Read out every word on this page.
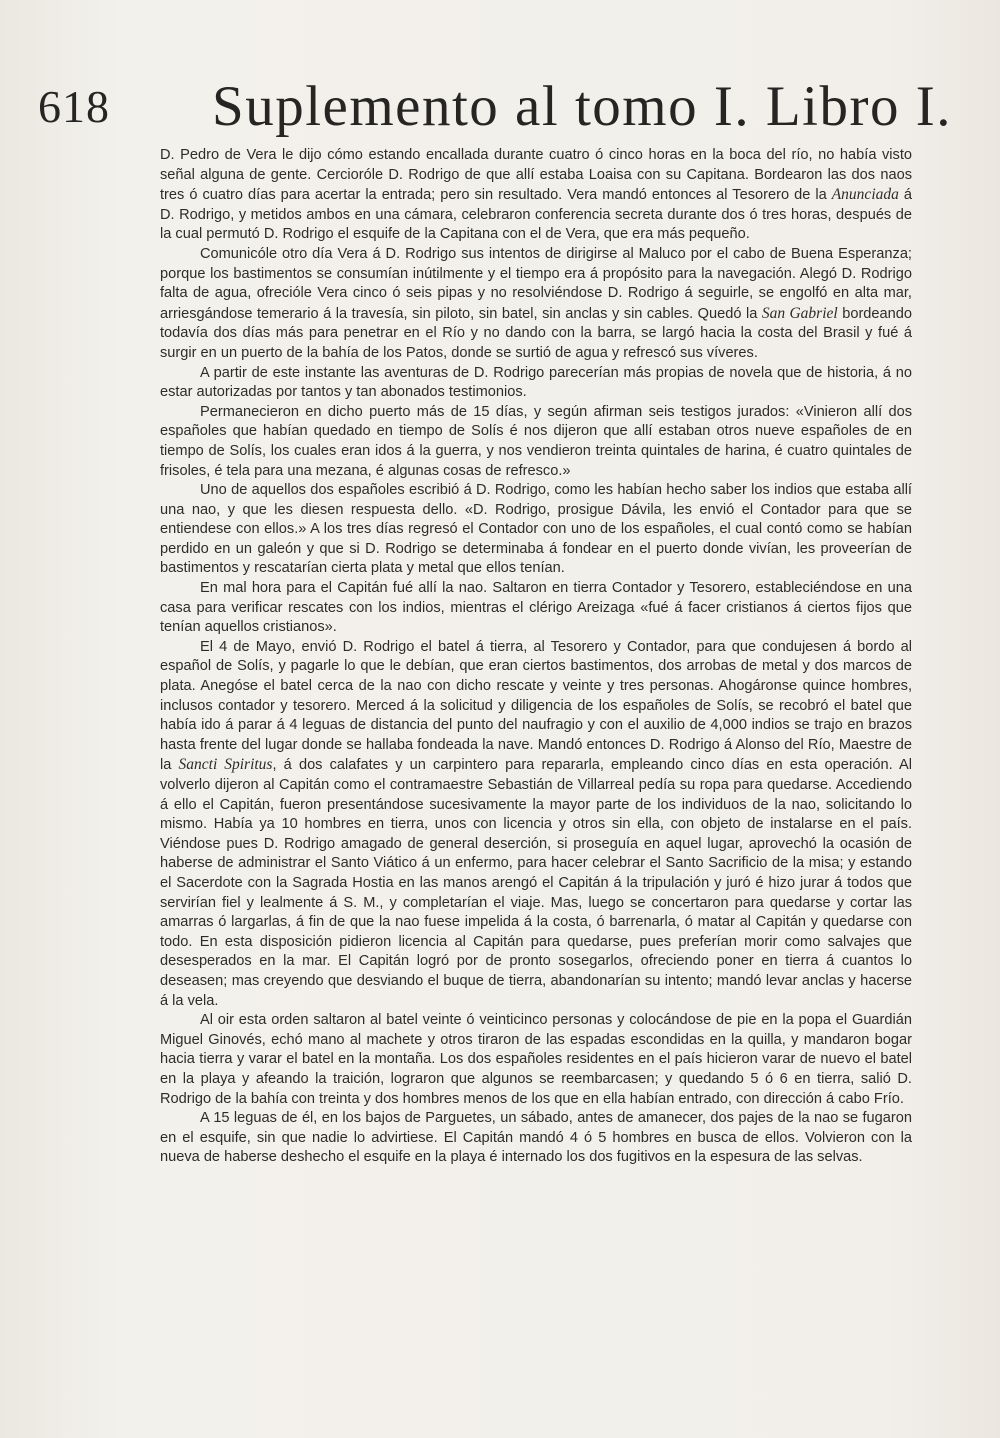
618 Suplemento al tomo I. Libro I.

D. Pedro de Vera le dijo cómo estando encallada durante cuatro ó cinco horas en la boca del río, no había visto señal alguna de gente. Cercioróle D. Rodrigo de que allí estaba Loaisa con su Capitana. Bordearon las dos naos tres ó cuatro días para acertar la entrada; pero sin resultado. Vera mandó entonces al Tesorero de la Anunciada á D. Rodrigo, y metidos ambos en una cámara, celebraron conferencia secreta durante dos ó tres horas, después de la cual permutó D. Rodrigo el esquife de la Capitana con el de Vera, que era más pequeño.

Comunicóle otro día Vera á D. Rodrigo sus intentos de dirigirse al Maluco por el cabo de Buena Esperanza; porque los bastimentos se consumían inútilmente y el tiempo era á propósito para la navegación. Alegó D. Rodrigo falta de agua, ofrecióle Vera cinco ó seis pipas y no resolviéndose D. Rodrigo á seguirle, se engolfó en alta mar, arriesgándose temerario á la travesía, sin piloto, sin batel, sin anclas y sin cables. Quedó la San Gabriel bordeando todavía dos días más para penetrar en el Río y no dando con la barra, se largó hacia la costa del Brasil y fué á surgir en un puerto de la bahía de los Patos, donde se surtió de agua y refrescó sus víveres.

A partir de este instante las aventuras de D. Rodrigo parecerían más propias de novela que de historia, á no estar autorizadas por tantos y tan abonados testimonios.

Permanecieron en dicho puerto más de 15 días, y según afirman seis testigos jurados: «Vinieron allí dos españoles que habían quedado en tiempo de Solís é nos dijeron que allí estaban otros nueve españoles de en tiempo de Solís, los cuales eran idos á la guerra, y nos vendieron treinta quintales de harina, é cuatro quintales de frisoles, é tela para una mezana, é algunas cosas de refresco.»

Uno de aquellos dos españoles escribió á D. Rodrigo, como les habían hecho saber los indios que estaba allí una nao, y que les diesen respuesta dello. «D. Rodrigo, prosigue Dávila, les envió el Contador para que se entiendese con ellos.» A los tres días regresó el Contador con uno de los españoles, el cual contó como se habían perdido en un galeón y que si D. Rodrigo se determinaba á fondear en el puerto donde vivían, les proveerían de bastimentos y rescatarían cierta plata y metal que ellos tenían.

En mal hora para el Capitán fué allí la nao. Saltaron en tierra Contador y Tesorero, estableciéndose en una casa para verificar rescates con los indios, mientras el clérigo Areizaga «fué á facer cristianos á ciertos fijos que tenían aquellos cristianos».

El 4 de Mayo, envió D. Rodrigo el batel á tierra, al Tesorero y Contador, para que condujesen á bordo al español de Solís, y pagarle lo que le debían, que eran ciertos bastimentos, dos arrobas de metal y dos marcos de plata. Anegóse el batel cerca de la nao con dicho rescate y veinte y tres personas. Ahogáronse quince hombres, inclusos contador y tesorero. Merced á la solicitud y diligencia de los españoles de Solís, se recobró el batel que había ido á parar á 4 leguas de distancia del punto del naufragio y con el auxilio de 4,000 indios se trajo en brazos hasta frente del lugar donde se hallaba fondeada la nave. Mandó entonces D. Rodrigo á Alonso del Río, Maestre de la Sancti Spiritus, á dos calafates y un carpintero para repararla, empleando cinco días en esta operación. Al volverlo dijeron al Capitán como el contramaestre Sebastián de Villarreal pedía su ropa para quedarse. Accediendo á ello el Capitán, fueron presentándose sucesivamente la mayor parte de los individuos de la nao, solicitando lo mismo. Había ya 10 hombres en tierra, unos con licencia y otros sin ella, con objeto de instalarse en el país. Viéndose pues D. Rodrigo amagado de general deserción, si proseguía en aquel lugar, aprovechó la ocasión de haberse de administrar el Santo Viático á un enfermo, para hacer celebrar el Santo Sacrificio de la misa; y estando el Sacerdote con la Sagrada Hostia en las manos arengó el Capitán á la tripulación y juró é hizo jurar á todos que servirían fiel y lealmente á S. M., y completarían el viaje. Mas, luego se concertaron para quedarse y cortar las amarras ó largarlas, á fin de que la nao fuese impelida á la costa, ó barrenarla, ó matar al Capitán y quedarse con todo. En esta disposición pidieron licencia al Capitán para quedarse, pues preferían morir como salvajes que desesperados en la mar. El Capitán logró por de pronto sosegarlos, ofreciendo poner en tierra á cuantos lo deseasen; mas creyendo que desviando el buque de tierra, abandonarían su intento; mandó levar anclas y hacerse á la vela.

Al oir esta orden saltaron al batel veinte ó veinticinco personas y colocándose de pie en la popa el Guardián Miguel Ginovés, echó mano al machete y otros tiraron de las espadas escondidas en la quilla, y mandaron bogar hacia tierra y varar el batel en la montaña. Los dos españoles residentes en el país hicieron varar de nuevo el batel en la playa y afeando la traición, lograron que algunos se reembarcasen; y quedando 5 ó 6 en tierra, salió D. Rodrigo de la bahía con treinta y dos hombres menos de los que en ella habían entrado, con dirección á cabo Frío.

A 15 leguas de él, en los bajos de Parguetes, un sábado, antes de amanecer, dos pajes de la nao se fugaron en el esquife, sin que nadie lo advirtiese. El Capitán mandó 4 ó 5 hombres en busca de ellos. Volvieron con la nueva de haberse deshecho el esquife en la playa é internado los dos fugitivos en la espesura de las selvas.
